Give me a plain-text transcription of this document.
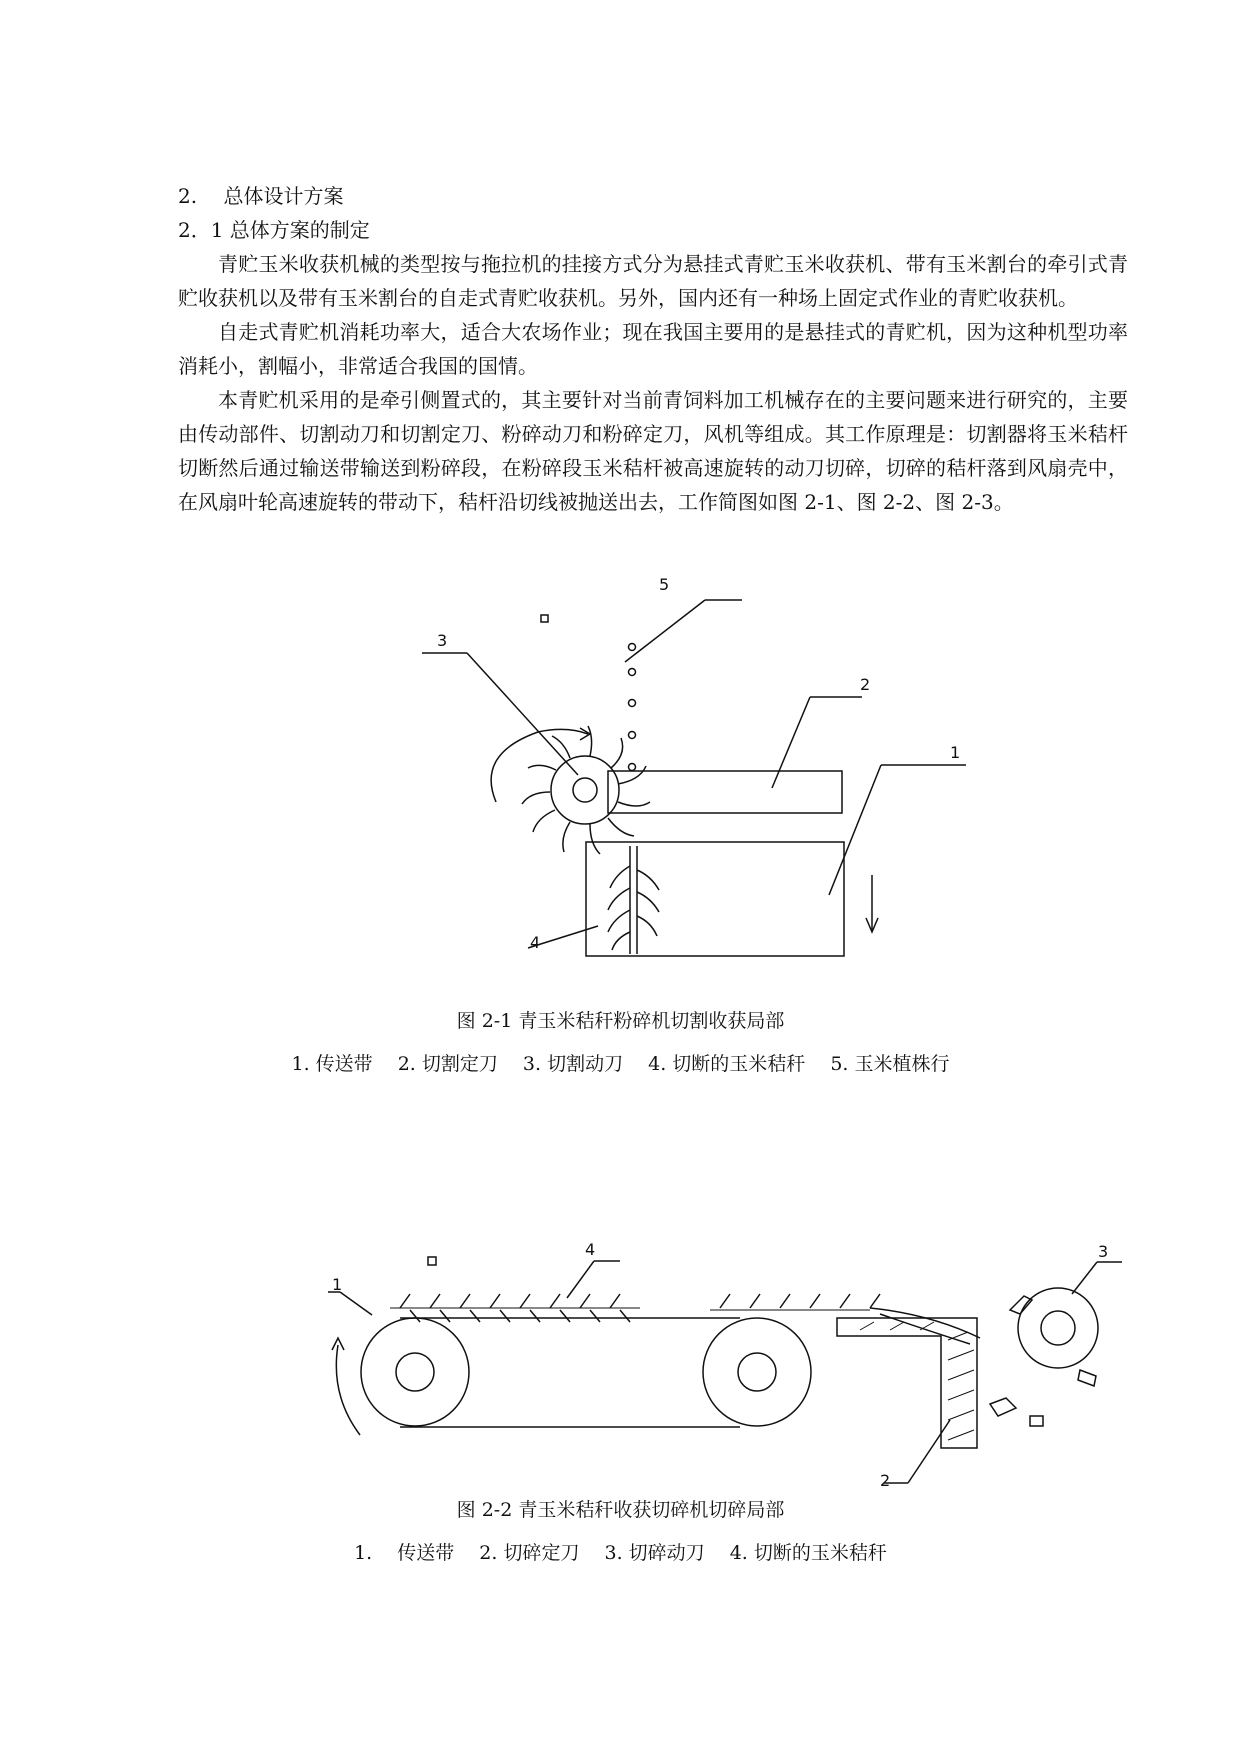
2.　 总体设计方案
2．1 总体方案的制定

青贮玉米收获机械的类型按与拖拉机的挂接方式分为悬挂式青贮玉米收获机、带有玉米割台的牵引式青贮收获机以及带有玉米割台的自走式青贮收获机。另外，国内还有一种场上固定式作业的青贮收获机。

自走式青贮机消耗功率大，适合大农场作业；现在我国主要用的是悬挂式的青贮机，因为这种机型功率消耗小，割幅小，非常适合我国的国情。

本青贮机采用的是牵引侧置式的，其主要针对当前青饲料加工机械存在的主要问题来进行研究的，主要由传动部件、切割动刀和切割定刀、粉碎动刀和粉碎定刀，风机等组成。其工作原理是：切割器将玉米秸杆切断然后通过输送带输送到粉碎段，在粉碎段玉米秸杆被高速旋转的动刀切碎，切碎的秸杆落到风扇壳中，在风扇叶轮高速旋转的带动下，秸杆沿切线被抛送出去，工作简图如图 2-1、图 2-2、图 2-3。

5
3
2
1
4
图 2-1 青玉米秸秆粉碎机切割收获局部
1. 传送带　 2. 切割定刀　 3. 切割动刀　 4. 切断的玉米秸秆　 5. 玉米植株行
1
4	3
2
图 2-2 青玉米秸秆收获切碎机切碎局部
1.　 传送带　 2. 切碎定刀　 3. 切碎动刀　 4. 切断的玉米秸秆
